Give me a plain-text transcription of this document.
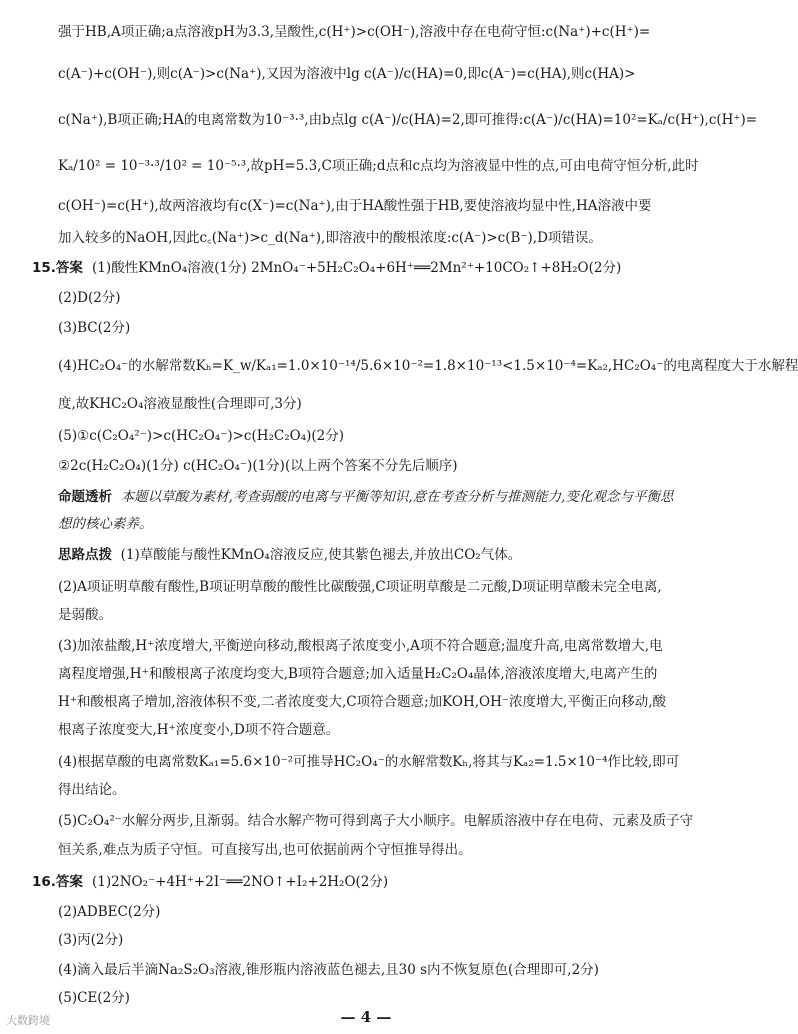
强于HB,A项正确;a点溶液pH为3.3,呈酸性,c(H⁺)>c(OH⁻),溶液中存在电荷守恒:c(Na⁺)+c(H⁺)=
c(A⁻)+c(OH⁻),则c(A⁻)>c(Na⁺),又因为溶液中lg c(A⁻)/c(HA)=0,即c(A⁻)=c(HA),则c(HA)>
c(Na⁺),B项正确;HA的电离常数为10⁻³·³,由b点lg c(A⁻)/c(HA)=2,即可推得:c(A⁻)/c(HA)=10²=Kₐ/c(H⁺),c(H⁺)=
Kₐ/10² = 10⁻³·³/10² = 10⁻⁵·³,故pH=5.3,C项正确;d点和c点均为溶液显中性的点,可由电荷守恒分析,此时
c(OH⁻)=c(H⁺),故两溶液均有c(X⁻)=c(Na⁺),由于HA酸性强于HB,要使溶液均显中性,HA溶液中要
加入较多的NaOH,因此c꜀(Na⁺)>c_d(Na⁺),即溶液中的酸根浓度:c(A⁻)>c(B⁻),D项错误。
15.答案 (1)酸性KMnO₄溶液(1分) 2MnO₄⁻+5H₂C₂O₄+6H⁺══2Mn²⁺+10CO₂↑+8H₂O(2分)
(2)D(2分)
(3)BC(2分)
(4)HC₂O₄⁻的水解常数Kₕ=K_w/Kₐ₁=1.0×10⁻¹⁴/5.6×10⁻²=1.8×10⁻¹³<1.5×10⁻⁴=Kₐ₂,HC₂O₄⁻的电离程度大于水解程
度,故KHC₂O₄溶液显酸性(合理即可,3分)
(5)①c(C₂O₄²⁻)>c(HC₂O₄⁻)>c(H₂C₂O₄)(2分)
②2c(H₂C₂O₄)(1分) c(HC₂O₄⁻)(1分)(以上两个答案不分先后顺序)
命题透析 本题以草酸为素材,考查弱酸的电离与平衡等知识,意在考查分析与推测能力,变化观念与平衡思
想的核心素养。
思路点拨 (1)草酸能与酸性KMnO₄溶液反应,使其紫色褪去,并放出CO₂气体。
(2)A项证明草酸有酸性,B项证明草酸的酸性比碳酸强,C项证明草酸是二元酸,D项证明草酸未完全电离,
是弱酸。
(3)加浓盐酸,H⁺浓度增大,平衡逆向移动,酸根离子浓度变小,A项不符合题意;温度升高,电离常数增大,电
离程度增强,H⁺和酸根离子浓度均变大,B项符合题意;加入适量H₂C₂O₄晶体,溶液浓度增大,电离产生的
H⁺和酸根离子增加,溶液体积不变,二者浓度变大,C项符合题意;加KOH,OH⁻浓度增大,平衡正向移动,酸
根离子浓度变大,H⁺浓度变小,D项不符合题意。
(4)根据草酸的电离常数Kₐ₁=5.6×10⁻²可推导HC₂O₄⁻的水解常数Kₕ,将其与Kₐ₂=1.5×10⁻⁴作比较,即可
得出结论。
(5)C₂O₄²⁻水解分两步,且渐弱。结合水解产物可得到离子大小顺序。电解质溶液中存在电荷、元素及质子守
恒关系,难点为质子守恒。可直接写出,也可依据前两个守恒推导得出。
16.答案 (1)2NO₂⁻+4H⁺+2I⁻══2NO↑+I₂+2H₂O(2分)
(2)ADBEC(2分)
(3)丙(2分)
(4)滴入最后半滴Na₂S₂O₃溶液,锥形瓶内溶液蓝色褪去,且30 s内不恢复原色(合理即可,2分)
(5)CE(2分)
— 4 —
大数跨境
